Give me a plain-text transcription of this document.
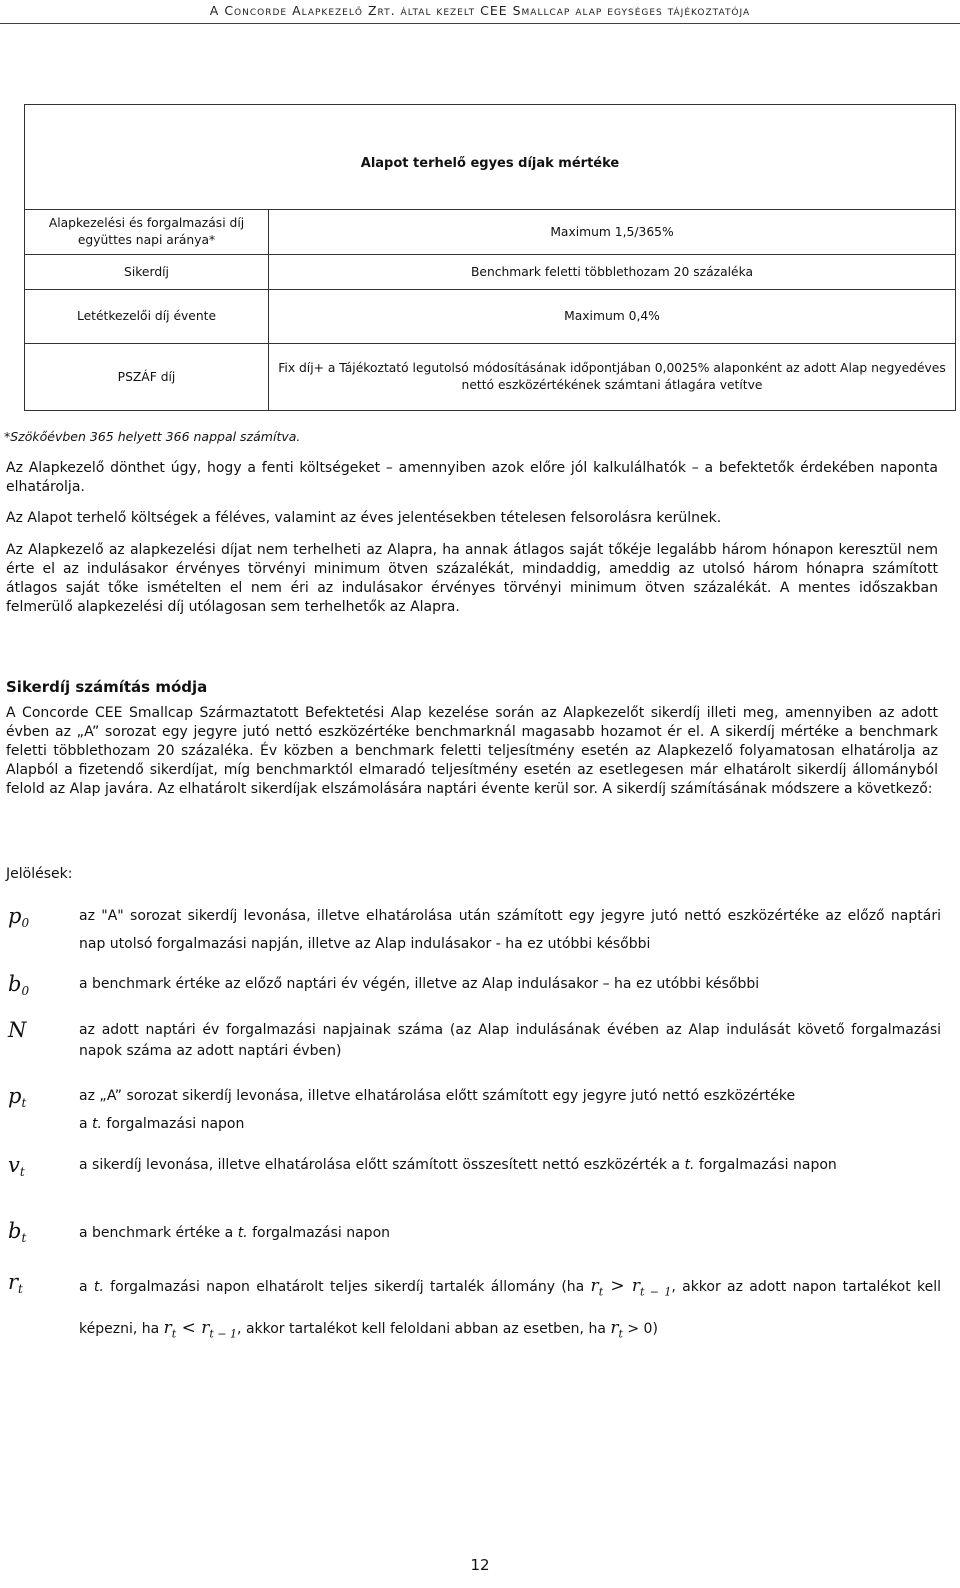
A Concorde Alapkezelő Zrt. által kezelt CEE Smallcap alap egységes tájékoztatója
Alapot terhelő egyes díjak mértéke	

Alapkezelési és forgalmazási díj együttes napi aránya*	Maximum 1,5/365%
Sikerdíj	Benchmark feletti többlethozam 20 százaléka
Letétkezelői díj évente	Maximum 0,4%
PSZÁF díj	Fix díj+ a Tájékoztató legutolsó módosításának időpontjában 0,0025% alaponként az adott Alap negyedéves nettó eszközértékének számtani átlagára vetítve
*Szökőévben 365 helyett 366 nappal számítva.
Az Alapkezelő dönthet úgy, hogy a fenti költségeket – amennyiben azok előre jól kalkulálhatók – a befektetők érdekében naponta elhatárolja.
Az Alapot terhelő költségek a féléves, valamint az éves jelentésekben tételesen felsorolásra kerülnek.
Az Alapkezelő az alapkezelési díjat nem terhelheti az Alapra, ha annak átlagos saját tőkéje legalább három hónapon keresztül nem érte el az indulásakor érvényes törvényi minimum ötven százalékát, mindaddig, ameddig az utolsó három hónapra számított átlagos saját tőke ismételten el nem éri az indulásakor érvényes törvényi minimum ötven százalékát. A mentes időszakban felmerülő alapkezelési díj utólagosan sem terhelhetők az Alapra.
Sikerdíj számítás módja
A Concorde CEE Smallcap Származtatott Befektetési Alap kezelése során az Alapkezelőt sikerdíj illeti meg, amennyiben az adott évben az „A” sorozat egy jegyre jutó nettó eszközértéke benchmarknál magasabb hozamot ér el. A sikerdíj mértéke a benchmark feletti többlethozam 20 százaléka. Év közben a benchmark feletti teljesítmény esetén az Alapkezelő folyamatosan elhatárolja az Alapból a fizetendő sikerdíjat, míg benchmarktól elmaradó teljesítmény esetén az esetlegesen már elhatárolt sikerdíj állományból felold az Alap javára. Az elhatárolt sikerdíjak elszámolására naptári évente kerül sor. A sikerdíj számításának módszere a következő:
Jelölések:
$p_0$	az "A" sorozat sikerdíj levonása, illetve elhatárolása után számított egy jegyre jutó nettó eszközértéke az előző naptári nap utolsó forgalmazási napján, illetve az Alap indulásakor - ha ez utóbbi későbbi
$b_0$	a benchmark értéke az előző naptári év végén, illetve az Alap indulásakor – ha ez utóbbi későbbi
N	az adott naptári év forgalmazási napjainak száma (az Alap indulásának évében az Alap indulását követő forgalmazási napok száma az adott naptári évben)
$p_t$	az „A” sorozat sikerdíj levonása, illetve elhatárolása előtt számított egy jegyre jutó nettó eszközértéke
a t. forgalmazási napon
$v_t$	a sikerdíj levonása, illetve elhatárolása előtt számított összesített nettó eszközérték a t. forgalmazási napon
$b_t$	a benchmark értéke a t. forgalmazási napon
$r_t$	a t. forgalmazási napon elhatárolt teljes sikerdíj tartalék állomány (ha $r_t > r_{t - 1}$, akkor az adott napon tartalékot kell képezni, ha $r_t < r_{t - 1}$, akkor tartalékot kell feloldani abban az esetben, ha $r_t > 0$)
12
